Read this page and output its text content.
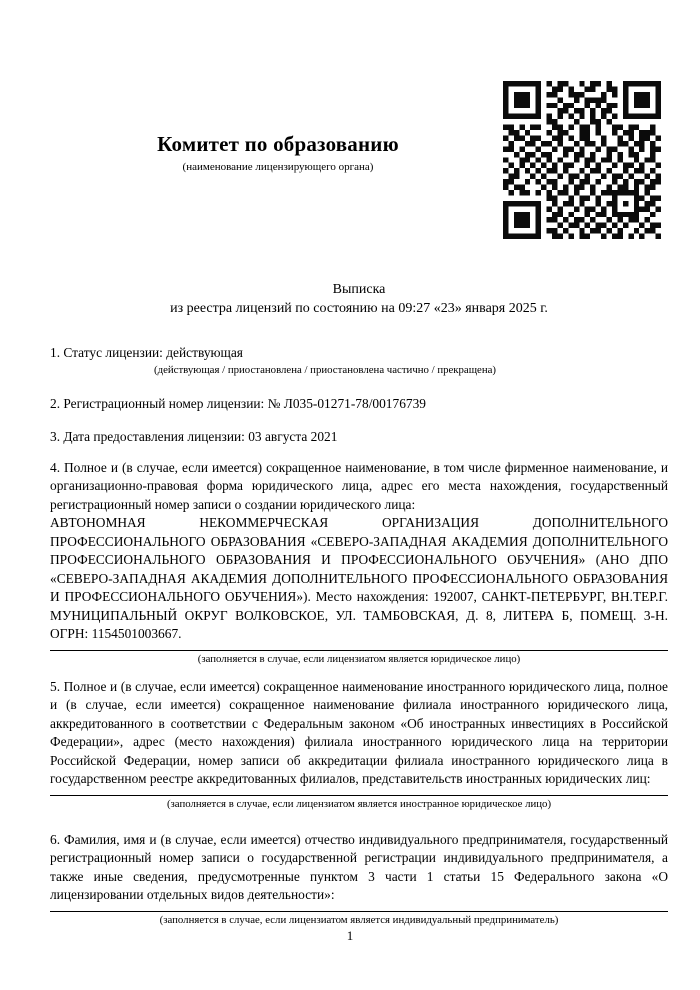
Комитет по образованию
(наименование лицензирующего органа)
Выписка
из реестра лицензий по состоянию на 09:27 «23» января 2025 г.
1. Статус лицензии: действующая
(действующая / приостановлена / приостановлена частично / прекращена)
2. Регистрационный номер лицензии: № Л035-01271-78/00176739
3. Дата предоставления лицензии: 03 августа 2021
4. Полное и (в случае, если имеется) сокращенное наименование, в том числе фирменное наименование, и организационно-правовая форма юридического лица, адрес его места нахождения, государственный регистрационный номер записи о создании юридического лица:
АВТОНОМНАЯ НЕКОММЕРЧЕСКАЯ ОРГАНИЗАЦИЯ ДОПОЛНИТЕЛЬНОГО ПРОФЕССИОНАЛЬНОГО ОБРАЗОВАНИЯ «СЕВЕРО-ЗАПАДНАЯ АКАДЕМИЯ ДОПОЛНИТЕЛЬНОГО ПРОФЕССИОНАЛЬНОГО ОБРАЗОВАНИЯ И ПРОФЕССИОНАЛЬНОГО ОБУЧЕНИЯ» (АНО ДПО «СЕВЕРО-ЗАПАДНАЯ АКАДЕМИЯ ДОПОЛНИТЕЛЬНОГО ПРОФЕССИОНАЛЬНОГО ОБРАЗОВАНИЯ И ПРОФЕССИОНАЛЬНОГО ОБУЧЕНИЯ»). Место нахождения: 192007, САНКТ-ПЕТЕРБУРГ, ВН.ТЕР.Г. МУНИЦИПАЛЬНЫЙ ОКРУГ ВОЛКОВСКОЕ, УЛ. ТАМБОВСКАЯ, Д. 8, ЛИТЕРА Б, ПОМЕЩ. 3-Н. ОГРН: 1154501003667.
(заполняется в случае, если лицензиатом является юридическое лицо)
5. Полное и (в случае, если имеется) сокращенное наименование иностранного юридического лица, полное и (в случае, если имеется) сокращенное наименование филиала иностранного юридического лица, аккредитованного в соответствии с Федеральным законом «Об иностранных инвестициях в Российской Федерации», адрес (место нахождения) филиала иностранного юридического лица на территории Российской Федерации, номер записи об аккредитации филиала иностранного юридического лица в государственном реестре аккредитованных филиалов, представительств иностранных юридических лиц:
(заполняется в случае, если лицензиатом является иностранное юридическое лицо)
6. Фамилия, имя и (в случае, если имеется) отчество индивидуального предпринимателя, государственный регистрационный номер записи о государственной регистрации индивидуального предпринимателя, а также иные сведения, предусмотренные пунктом 3 части 1 статьи 15 Федерального закона «О лицензировании отдельных видов деятельности»:
(заполняется в случае, если лицензиатом является индивидуальный предприниматель)
1
